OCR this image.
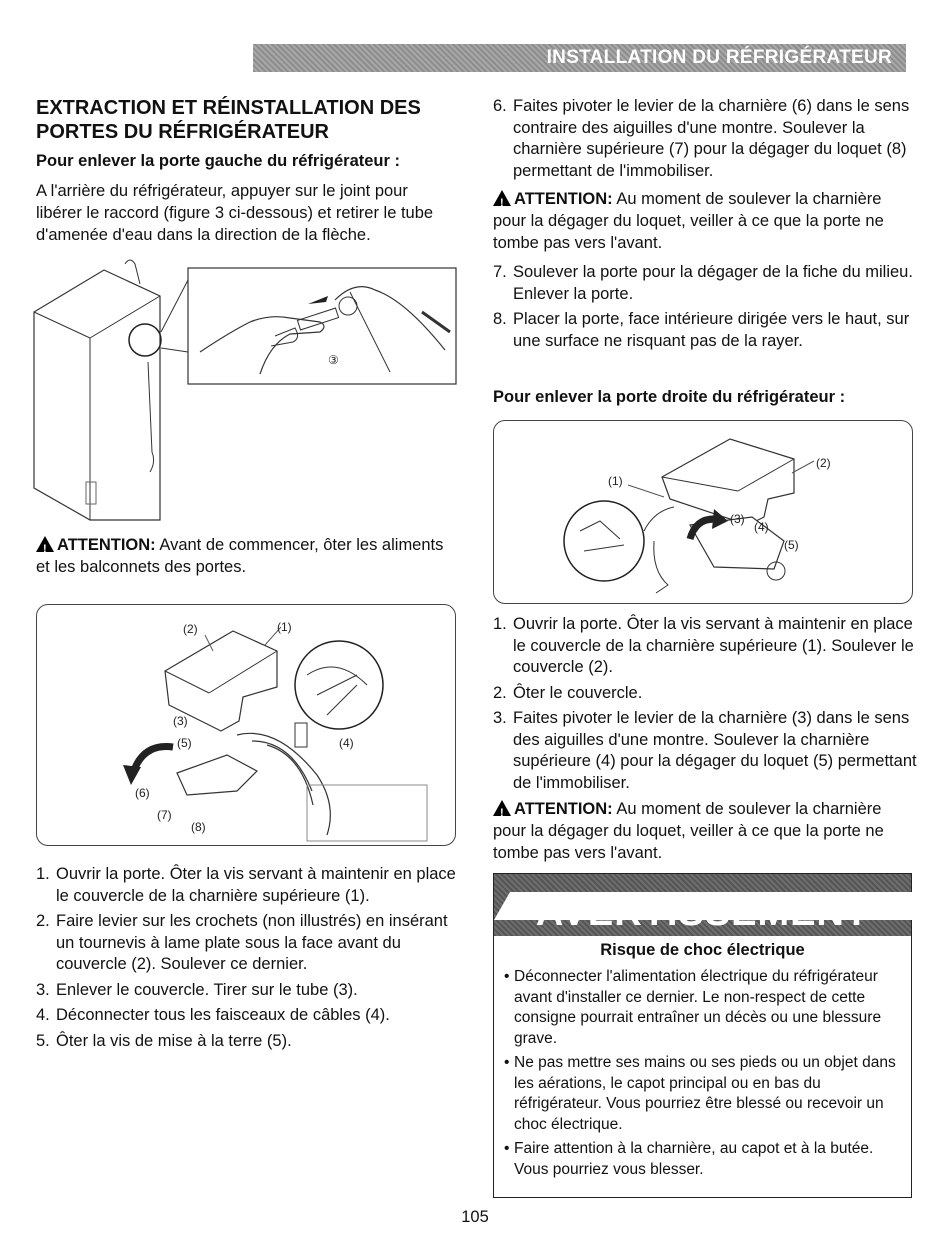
INSTALLATION DU RÉFRIGÉRATEUR
EXTRACTION ET RÉINSTALLATION DES
PORTES DU RÉFRIGÉRATEUR
Pour enlever la porte gauche du réfrigérateur :
A l'arrière du réfrigérateur, appuyer sur le joint pour libérer le raccord (figure 3 ci-dessous) et retirer le tube d'amenée d'eau dans la direction de la flèche.
③
!ATTENTION: Avant de commencer, ôter les aliments et les balconnets des portes.
(2)	(1)
(3)
(5)	(4)
(6)
(7)
(8)
1. Ouvrir la porte. Ôter la vis servant à maintenir en place le couvercle de la charnière supérieure (1).
2. Faire levier sur les crochets (non illustrés) en insérant un tournevis à lame plate sous la face avant du couvercle (2). Soulever ce dernier.
3. Enlever le couvercle. Tirer sur le tube (3).
4. Déconnecter tous les faisceaux de câbles (4).
5. Ôter la vis de mise à la terre (5).
6. Faites pivoter le levier de la charnière (6) dans le sens contraire des aiguilles d'une montre. Soulever la charnière supérieure (7) pour la dégager du loquet (8) permettant de l'immobiliser.
!ATTENTION: Au moment de soulever la charnière pour la dégager du loquet, veiller à ce que la porte ne tombe pas vers l'avant.
7. Soulever la porte pour la dégager de la fiche du milieu. Enlever la porte.
8. Placer la porte, face intérieure dirigée vers le haut, sur une surface ne risquant pas de la rayer.
Pour enlever la porte droite du réfrigérateur :
(1)
(2)
(3)
(4)
(5)
1. Ouvrir la porte. Ôter la vis servant à maintenir en place le couvercle de la charnière supérieure (1). Soulever le couvercle (2).
2. Ôter le couvercle.
3. Faites pivoter le levier de la charnière (3) dans le sens des aiguilles d'une montre. Soulever la charnière supérieure (4) pour la dégager du loquet (5) permettant de l'immobiliser.
!ATTENTION: Au moment de soulever la charnière pour la dégager du loquet, veiller à ce que la porte ne tombe pas vers l'avant.
!
AVERTISSEMENT
Risque de choc électrique
• Déconnecter l'alimentation électrique du réfrigérateur avant d'installer ce dernier. Le non-respect de cette consigne pourrait entraîner un décès ou une blessure grave.
• Ne pas mettre ses mains ou ses pieds ou un objet dans les aérations, le capot principal ou en bas du réfrigérateur. Vous pourriez être blessé ou recevoir un choc électrique.
• Faire attention à la charnière, au capot et à la butée. Vous pourriez vous blesser.
105
